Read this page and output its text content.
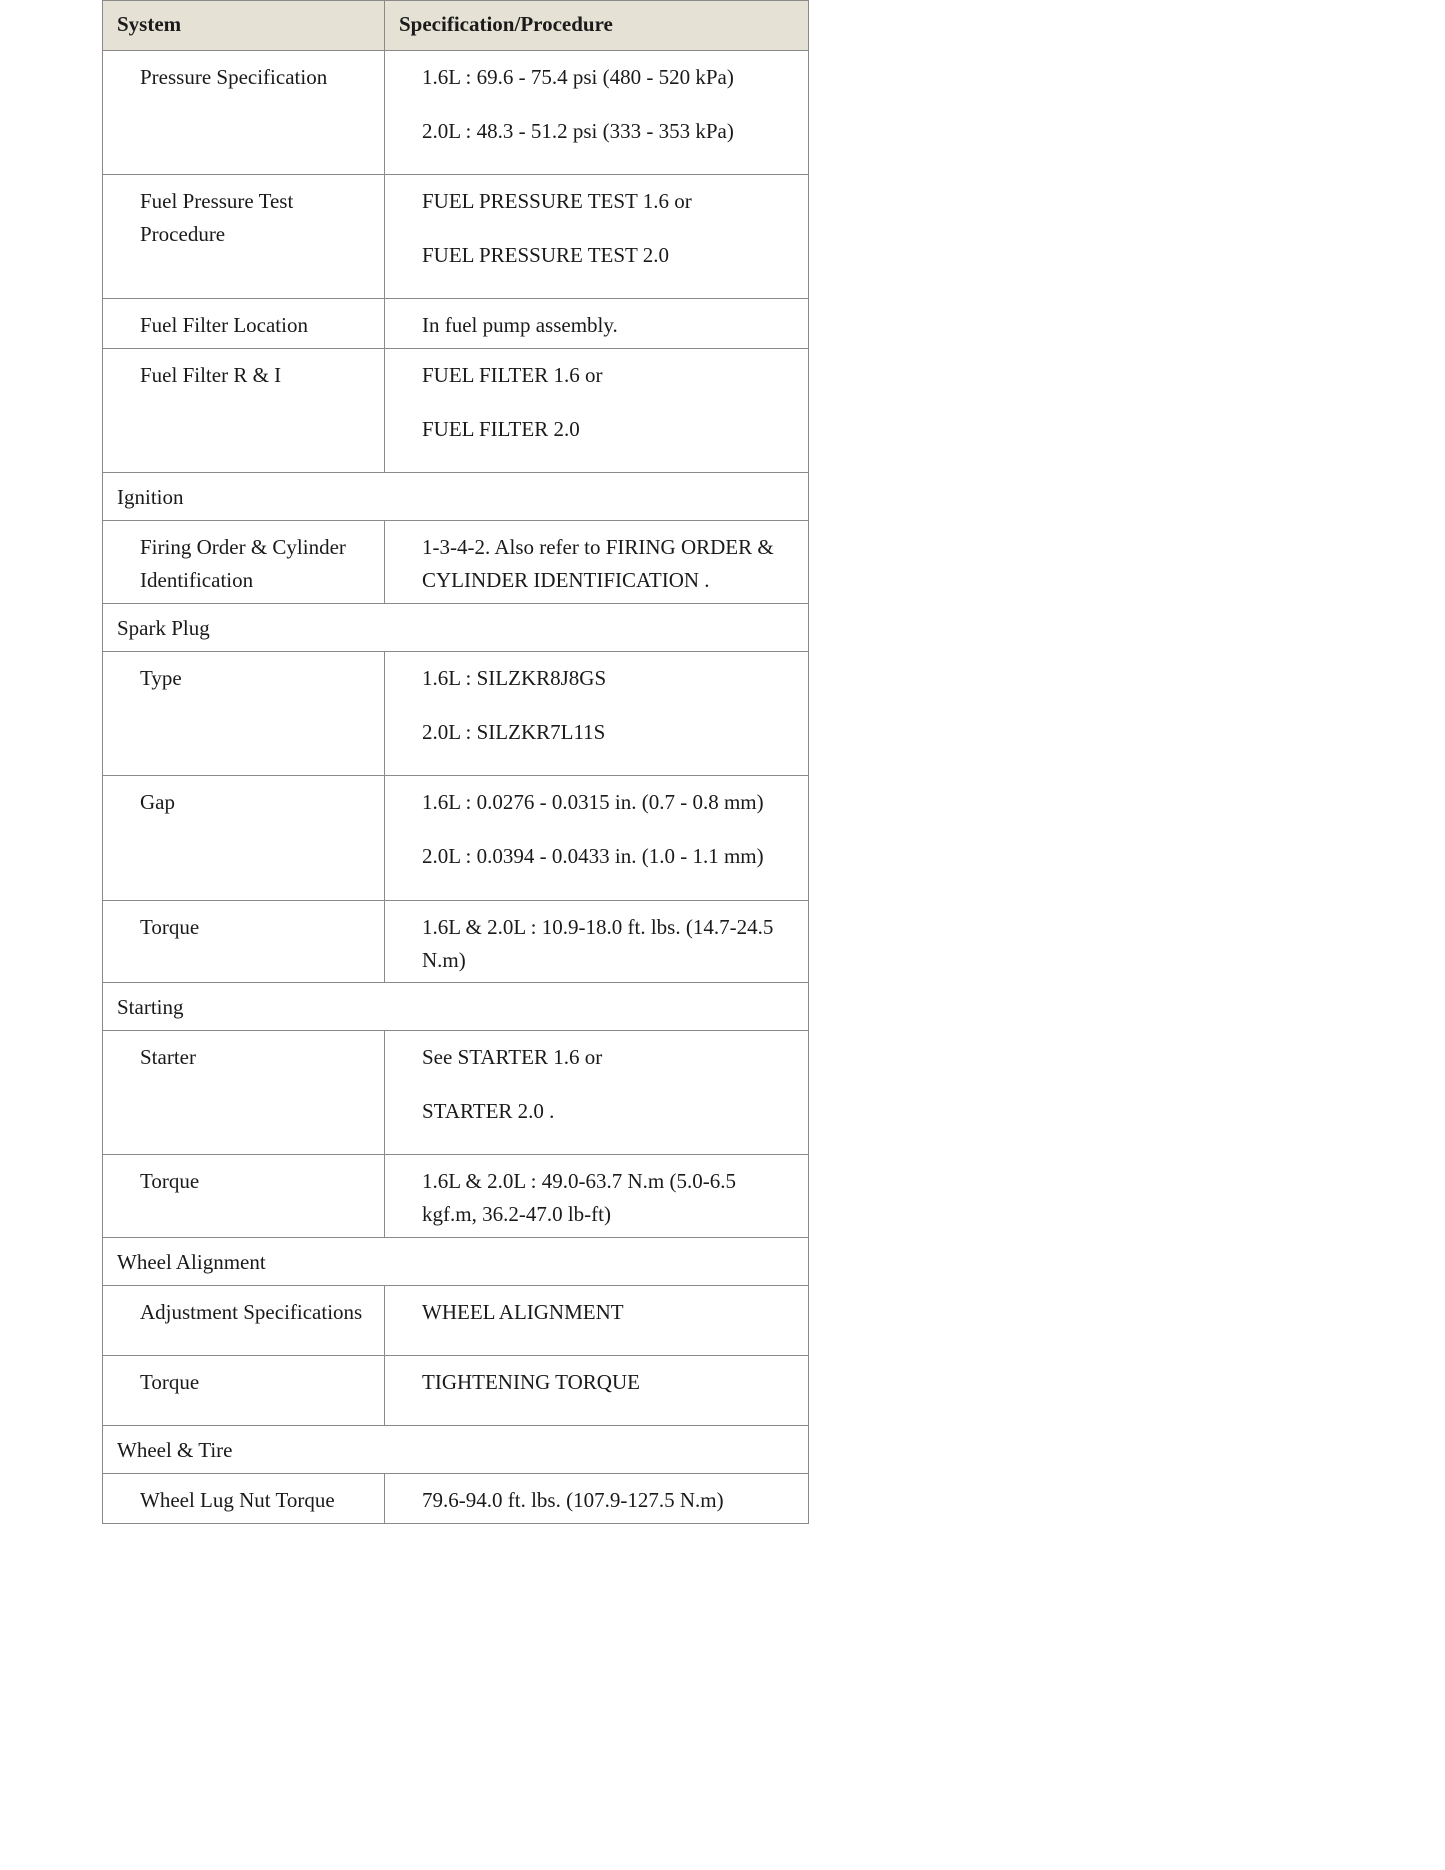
System	Specification/Procedure
Pressure Specification	1.6L : 69.6 - 75.4 psi (480 - 520 kPa)
2.0L : 48.3 - 51.2 psi (333 - 353 kPa)

Fuel Pressure Test Procedure	FUEL PRESSURE TEST 1.6 or
FUEL PRESSURE TEST 2.0

Fuel Filter Location	In fuel pump assembly.

Fuel Filter R & I	FUEL FILTER 1.6 or
FUEL FILTER 2.0

Ignition	
Firing Order & Cylinder Identification	1-3-4-2. Also refer to FIRING ORDER & CYLINDER IDENTIFICATION .

Spark Plug	
Type	1.6L : SILZKR8J8GS
2.0L : SILZKR7L11S

Gap	1.6L : 0.0276 - 0.0315 in. (0.7 - 0.8 mm)
2.0L : 0.0394 - 0.0433 in. (1.0 - 1.1 mm)

Torque	1.6L & 2.0L : 10.9-18.0 ft. lbs. (14.7-24.5 N.m)

Starting	
Starter	See STARTER 1.6 or
STARTER 2.0 .

Torque	1.6L & 2.0L : 49.0-63.7 N.m (5.0-6.5 kgf.m, 36.2-47.0 lb-ft)

Wheel Alignment	
Adjustment Specifications	WHEEL ALIGNMENT

Torque	TIGHTENING TORQUE

Wheel & Tire	
Wheel Lug Nut Torque	79.6-94.0 ft. lbs. (107.9-127.5 N.m)
